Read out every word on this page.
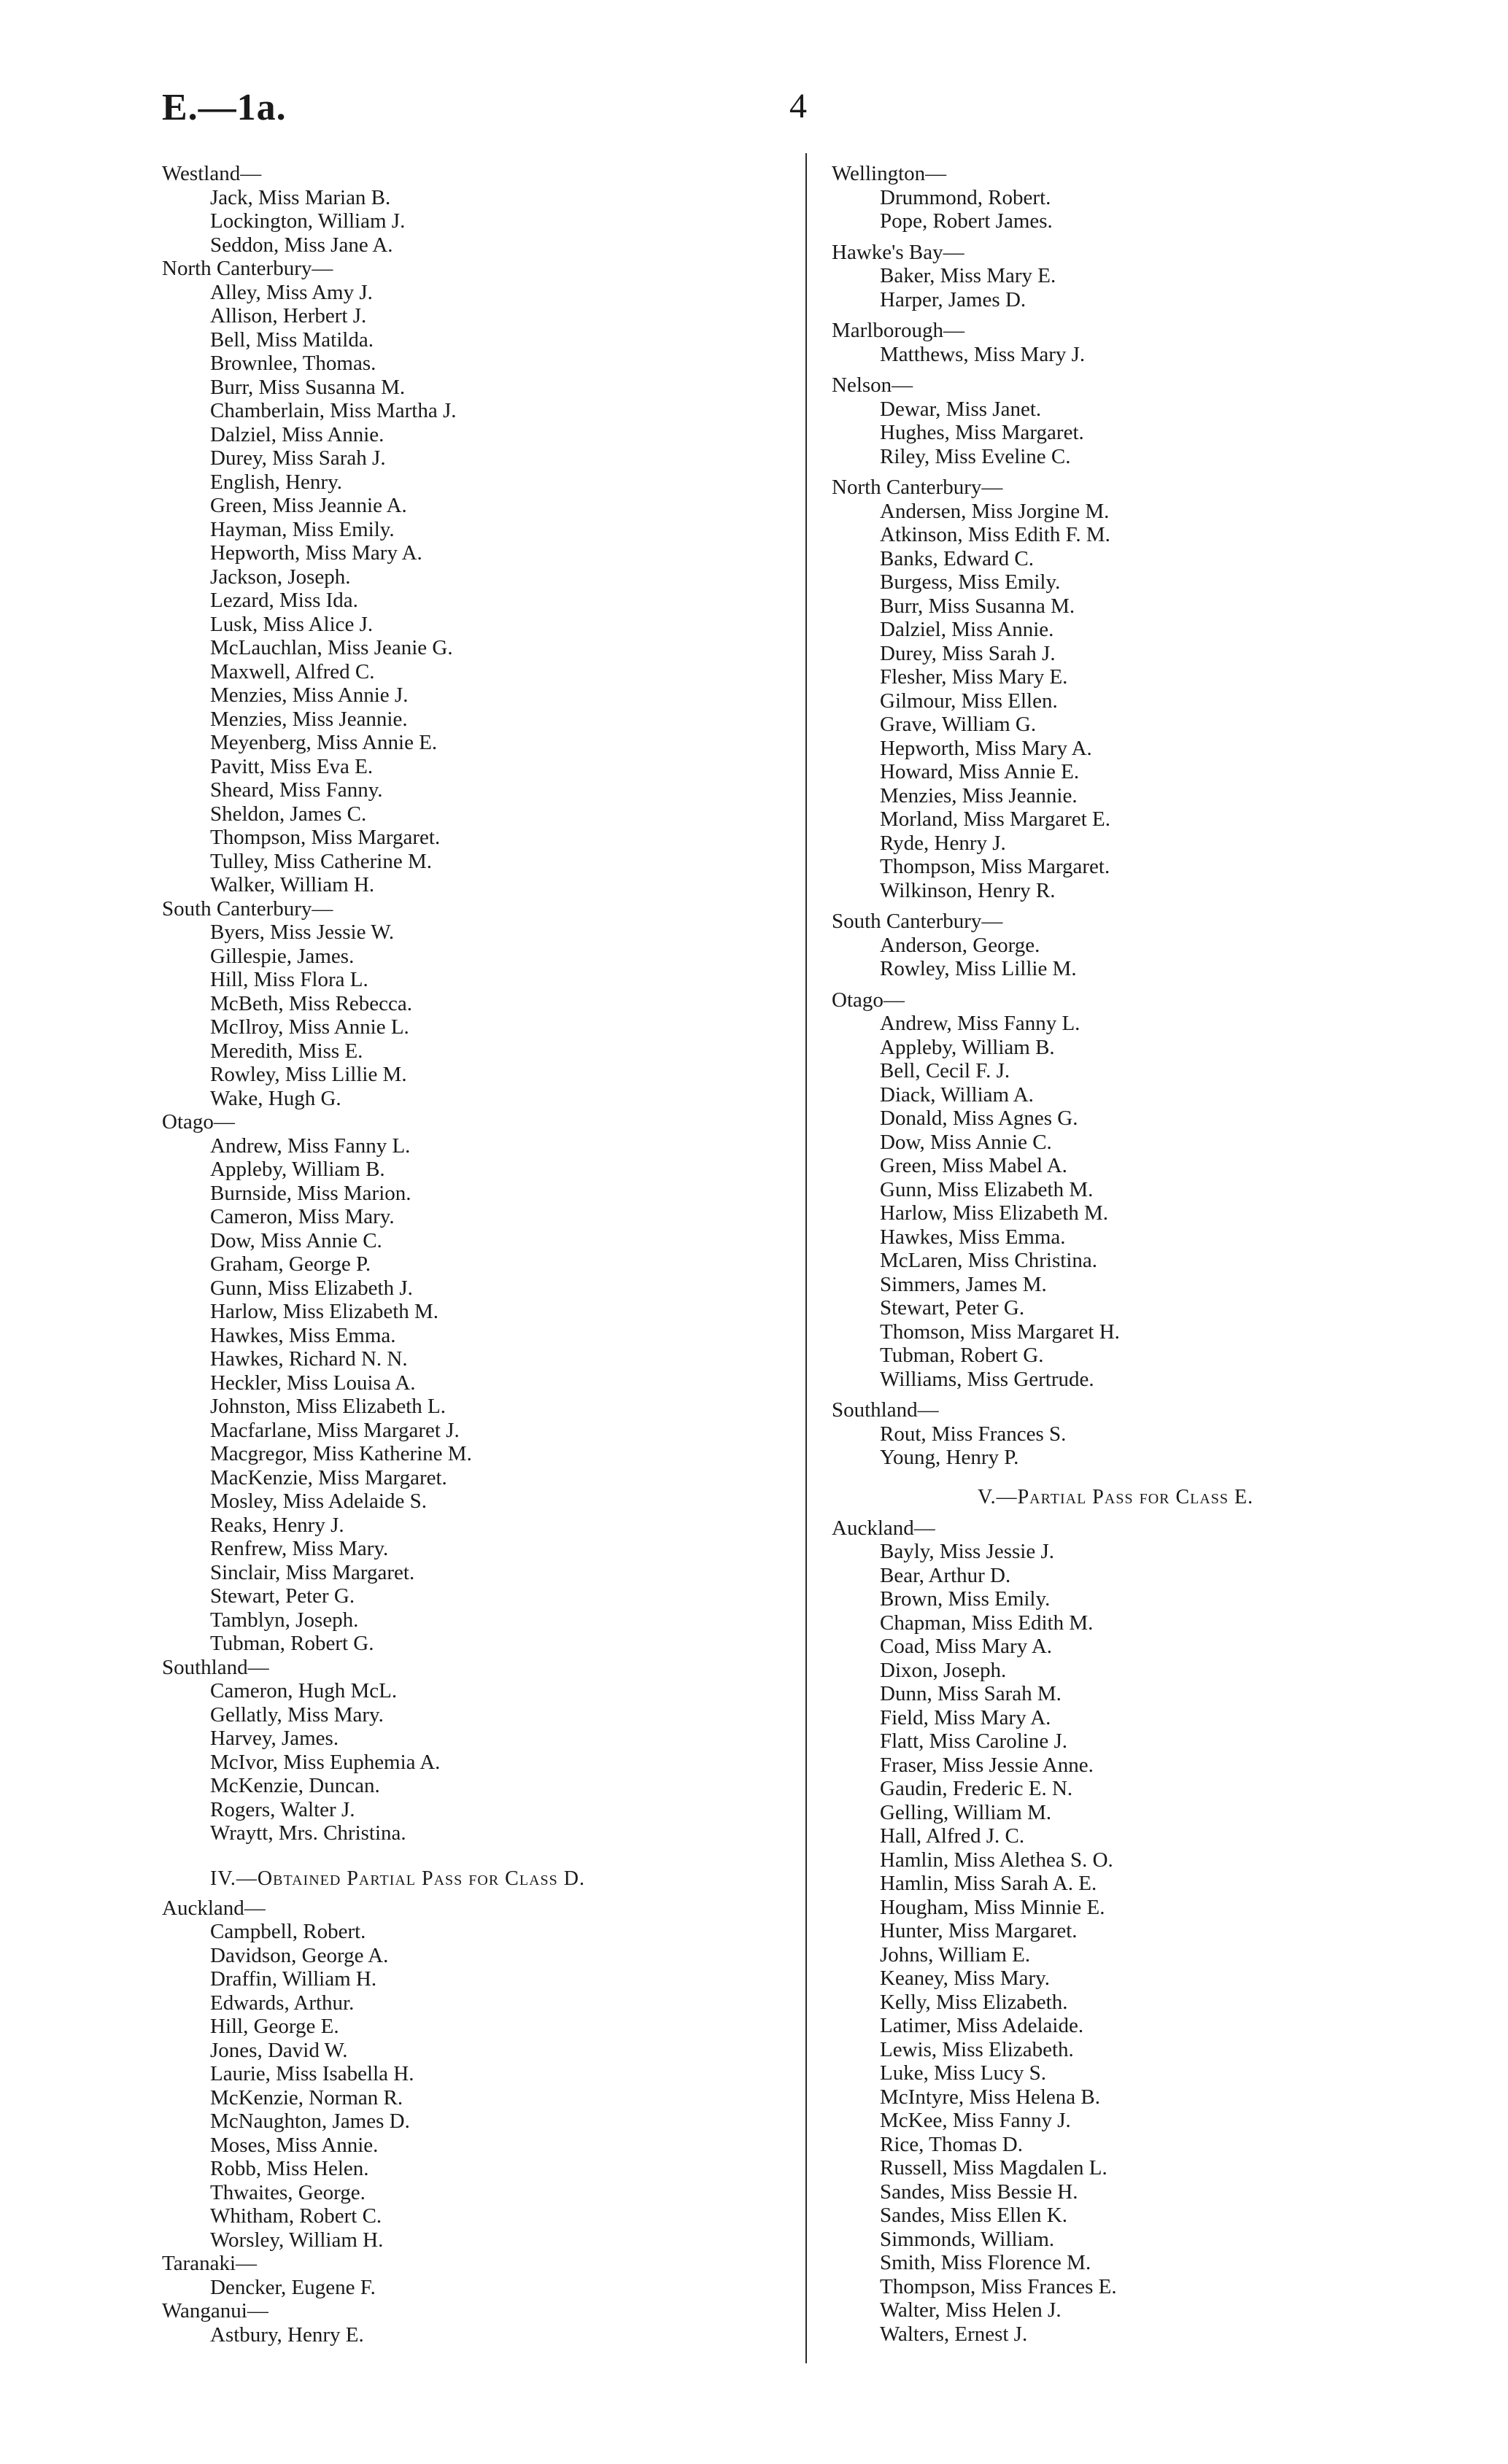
E.—1a.	4
Westland—
Jack, Miss Marian B.
Lockington, William J.
Seddon, Miss Jane A.
North Canterbury—
Alley, Miss Amy J.
Allison, Herbert J.
Bell, Miss Matilda.
Brownlee, Thomas.
Burr, Miss Susanna M.
Chamberlain, Miss Martha J.
Dalziel, Miss Annie.
Durey, Miss Sarah J.
English, Henry.
Green, Miss Jeannie A.
Hayman, Miss Emily.
Hepworth, Miss Mary A.
Jackson, Joseph.
Lezard, Miss Ida.
Lusk, Miss Alice J.
McLauchlan, Miss Jeanie G.
Maxwell, Alfred C.
Menzies, Miss Annie J.
Menzies, Miss Jeannie.
Meyenberg, Miss Annie E.
Pavitt, Miss Eva E.
Sheard, Miss Fanny.
Sheldon, James C.
Thompson, Miss Margaret.
Tulley, Miss Catherine M.
Walker, William H.
South Canterbury—
Byers, Miss Jessie W.
Gillespie, James.
Hill, Miss Flora L.
McBeth, Miss Rebecca.
McIlroy, Miss Annie L.
Meredith, Miss E.
Rowley, Miss Lillie M.
Wake, Hugh G.
Otago—
Andrew, Miss Fanny L.
Appleby, William B.
Burnside, Miss Marion.
Cameron, Miss Mary.
Dow, Miss Annie C.
Graham, George P.
Gunn, Miss Elizabeth J.
Harlow, Miss Elizabeth M.
Hawkes, Miss Emma.
Hawkes, Richard N. N.
Heckler, Miss Louisa A.
Johnston, Miss Elizabeth L.
Macfarlane, Miss Margaret J.
Macgregor, Miss Katherine M.
MacKenzie, Miss Margaret.
Mosley, Miss Adelaide S.
Reaks, Henry J.
Renfrew, Miss Mary.
Sinclair, Miss Margaret.
Stewart, Peter G.
Tamblyn, Joseph.
Tubman, Robert G.
Southland—
Cameron, Hugh McL.
Gellatly, Miss Mary.
Harvey, James.
McIvor, Miss Euphemia A.
McKenzie, Duncan.
Rogers, Walter J.
Wraytt, Mrs. Christina.
IV.—Obtained Partial Pass for Class D.
Auckland—
Campbell, Robert.
Davidson, George A.
Draffin, William H.
Edwards, Arthur.
Hill, George E.
Jones, David W.
Laurie, Miss Isabella H.
McKenzie, Norman R.
McNaughton, James D.
Moses, Miss Annie.
Robb, Miss Helen.
Thwaites, George.
Whitham, Robert C.
Worsley, William H.
Taranaki—
Dencker, Eugene F.
Wanganui—
Astbury, Henry E.
Wellington—
Drummond, Robert.
Pope, Robert James.
Hawke's Bay—
Baker, Miss Mary E.
Harper, James D.
Marlborough—
Matthews, Miss Mary J.
Nelson—
Dewar, Miss Janet.
Hughes, Miss Margaret.
Riley, Miss Eveline C.
North Canterbury—
Andersen, Miss Jorgine M.
Atkinson, Miss Edith F. M.
Banks, Edward C.
Burgess, Miss Emily.
Burr, Miss Susanna M.
Dalziel, Miss Annie.
Durey, Miss Sarah J.
Flesher, Miss Mary E.
Gilmour, Miss Ellen.
Grave, William G.
Hepworth, Miss Mary A.
Howard, Miss Annie E.
Menzies, Miss Jeannie.
Morland, Miss Margaret E.
Ryde, Henry J.
Thompson, Miss Margaret.
Wilkinson, Henry R.
South Canterbury—
Anderson, George.
Rowley, Miss Lillie M.
Otago—
Andrew, Miss Fanny L.
Appleby, William B.
Bell, Cecil F. J.
Diack, William A.
Donald, Miss Agnes G.
Dow, Miss Annie C.
Green, Miss Mabel A.
Gunn, Miss Elizabeth M.
Harlow, Miss Elizabeth M.
Hawkes, Miss Emma.
McLaren, Miss Christina.
Simmers, James M.
Stewart, Peter G.
Thomson, Miss Margaret H.
Tubman, Robert G.
Williams, Miss Gertrude.
Southland—
Rout, Miss Frances S.
Young, Henry P.
V.—Partial Pass for Class E.
Auckland—
Bayly, Miss Jessie J.
Bear, Arthur D.
Brown, Miss Emily.
Chapman, Miss Edith M.
Coad, Miss Mary A.
Dixon, Joseph.
Dunn, Miss Sarah M.
Field, Miss Mary A.
Flatt, Miss Caroline J.
Fraser, Miss Jessie Anne.
Gaudin, Frederic E. N.
Gelling, William M.
Hall, Alfred J. C.
Hamlin, Miss Alethea S. O.
Hamlin, Miss Sarah A. E.
Hougham, Miss Minnie E.
Hunter, Miss Margaret.
Johns, William E.
Keaney, Miss Mary.
Kelly, Miss Elizabeth.
Latimer, Miss Adelaide.
Lewis, Miss Elizabeth.
Luke, Miss Lucy S.
McIntyre, Miss Helena B.
McKee, Miss Fanny J.
Rice, Thomas D.
Russell, Miss Magdalen L.
Sandes, Miss Bessie H.
Sandes, Miss Ellen K.
Simmonds, William.
Smith, Miss Florence M.
Thompson, Miss Frances E.
Walter, Miss Helen J.
Walters, Ernest J.
